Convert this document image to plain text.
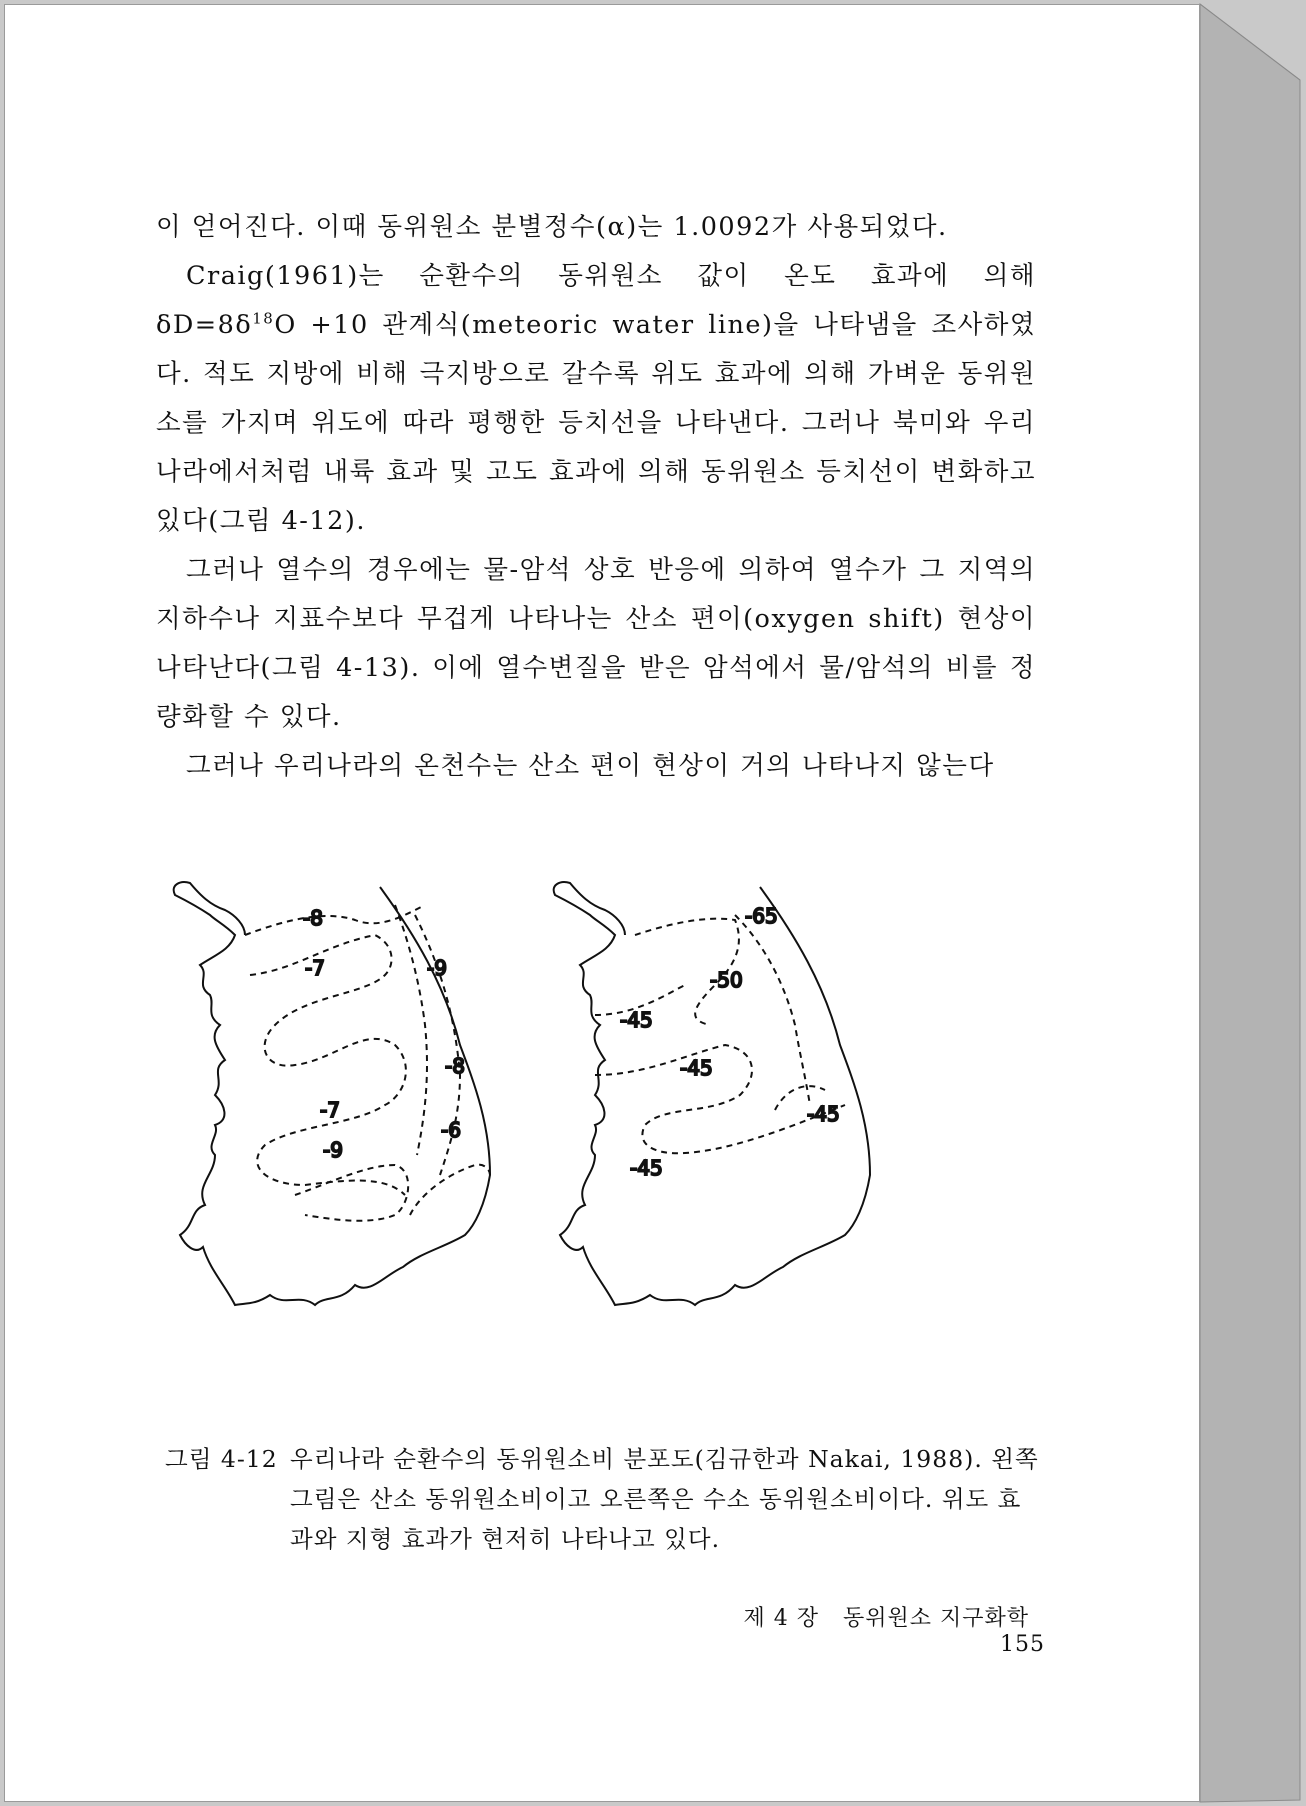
이 얻어진다. 이때 동위원소 분별정수(α)는 1.0092가 사용되었다.

Craig(1961)는 순환수의 동위원소 값이 온도 효과에 의해 $\delta D=8\delta^{18}O +10$ 관계식(meteoric water line)을 나타냄을 조사하였다. 적도 지방에 비해 극지방으로 갈수록 위도 효과에 의해 가벼운 동위원소를 가지며 위도에 따라 평행한 등치선을 나타낸다. 그러나 북미와 우리나라에서처럼 내륙 효과 및 고도 효과에 의해 동위원소 등치선이 변화하고 있다(그림 4-12).

그러나 열수의 경우에는 물-암석 상호 반응에 의하여 열수가 그 지역의 지하수나 지표수보다 무겁게 나타나는 산소 편이(oxygen shift) 현상이 나타난다(그림 4-13). 이에 열수변질을 받은 암석에서 물/암석의 비를 정량화할 수 있다.

그러나 우리나라의 온천수는 산소 편이 현상이 거의 나타나지 않는다

-8
-7	-9
-8
-7
-6
-9
-65
-50
-45
-45
-45
-45
그림 4-12 우리나라 순환수의 동위원소비 분포도(김규한과 Nakai, 1988). 왼쪽 그림은 산소 동위원소비이고 오른쪽은 수소 동위원소비이다. 위도 효과와 지형 효과가 현저히 나타나고 있다.
제 4 장 동위원소 지구화학   155
